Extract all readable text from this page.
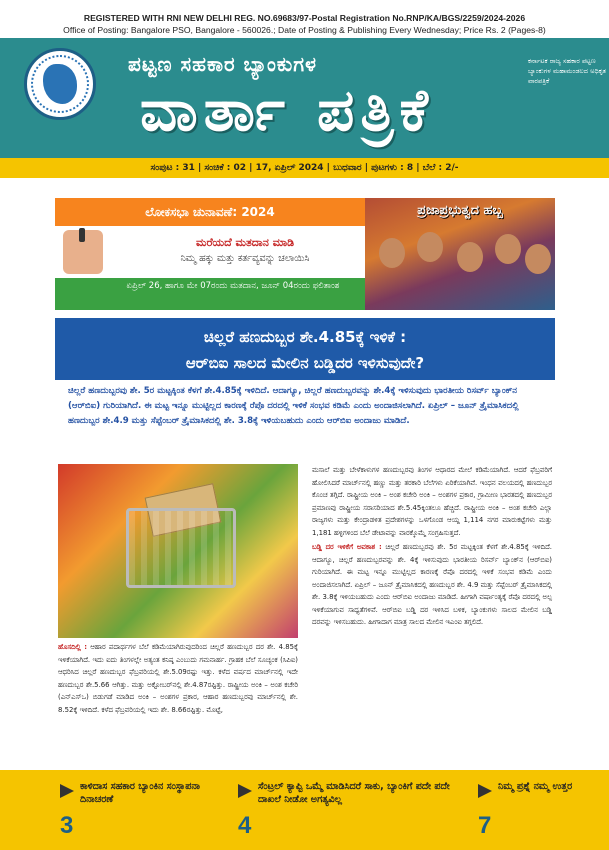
REGISTERED WITH RNI NEW DELHI REG. NO.69683/97-Postal Registration No.RNP/KA/BGS/2259/2024-2026
Office of Posting: Bangalore PSO, Bangalore - 560026.; Date of Posting & Publishing Every Wednesday; Price Rs. 2 (Pages-8)
ಪಟ್ಟಣ ಸಹಕಾರ ಬ್ಯಾಂಕುಗಳ
ವಾರ್ತಾ ಪತ್ರಿಕೆ
ಕರ್ನಾಟಕ ರಾಜ್ಯ ಸಹಕಾರ ಪಟ್ಟಣ ಬ್ಯಾಂಕುಗಳ ಮಹಾಮಂಡಲದ ಅಧಿಕೃತ ವಾರಪತ್ರಿಕೆ
ಸಂಪುಟ : 31 | ಸಂಚಿಕೆ : 02 | 17, ಏಪ್ರಿಲ್ 2024 | ಬುಧವಾರ | ಪುಟಗಳು : 8 | ಬೆಲೆ : 2/-
ಲೋಕಸಭಾ ಚುನಾವಣೆ: 2024
ಮರೆಯದೆ ಮತದಾನ ಮಾಡಿ
ನಿಮ್ಮ ಹಕ್ಕು ಮತ್ತು ಕರ್ತವ್ಯವನ್ನು ಚಲಾಯಿಸಿ
ಏಪ್ರಿಲ್ 26, ಹಾಗೂ ಮೇ 07ರಂದು ಮತದಾನ, ಜೂನ್ 04ರಂದು ಫಲಿತಾಂಶ
ಪ್ರಜಾಪ್ರಭುತ್ವದ ಹಬ್ಬ
ಚಿಲ್ಲರೆ ಹಣದುಬ್ಬರ ಶೇ.4.85ಕ್ಕೆ ಇಳಿಕೆ :
ಆರ್‌ಬಿಐ ಸಾಲದ ಮೇಲಿನ ಬಡ್ಡಿದರ ಇಳಿಸುವುದೇ?
ಚಿಲ್ಲರೆ ಹಣದುಬ್ಬರವು ಶೇ. 5ರ ಮಟ್ಟಕ್ಕಿಂತ ಕೆಳಗೆ ಶೇ.4.85ಕ್ಕೆ ಇಳಿದಿದೆ. ಆದಾಗ್ಯೂ, ಚಿಲ್ಲರೆ ಹಣದುಬ್ಬರವನ್ನು ಶೇ.4ಕ್ಕೆ ಇಳಿಸುವುದು ಭಾರತೀಯ ರಿಸರ್ವ್ ಬ್ಯಾಂಕ್‌ನ (ಆರ್‌ಬಿಐ) ಗುರಿಯಾಗಿದೆ. ಈ ಮಟ್ಟ ಇನ್ನೂ ಮುಟ್ಟಿಲ್ಲದ ಕಾರಣಕ್ಕೆ ರೆಪೊ ದರದಲ್ಲಿ ಇಳಿಕೆ ಸಂಭವ ಕಡಿಮೆ ಎಂದು ಅಂದಾಜಿಸಲಾಗಿದೆ. ಏಪ್ರಿಲ್ – ಜೂನ್ ತ್ರೈಮಾಸಿಕದಲ್ಲಿ ಹಣದುಬ್ಬರ ಶೇ.4.9 ಮತ್ತು ಸೆಪ್ಟೆಂಬರ್ ತ್ರೈಮಾಸಿಕದಲ್ಲಿ ಶೇ. 3.8ಕ್ಕೆ ಇಳಿಯಬಹುದು ಎಂದು ಆರ್‌ಬಿಐ ಅಂದಾಜು ಮಾಡಿದೆ.
ಹೊಸದಿಲ್ಲಿ : ಆಹಾರ ಪದಾರ್ಥಗಳ ಬೆಲೆ ಕಡಿಮೆಯಾಗಿರುವುದರಿಂದ ಚಿಲ್ಲರೆ ಹಣದುಬ್ಬರ ದರ ಶೇ. 4.85ಕ್ಕೆ ಇಳಿಕೆಯಾಗಿದೆ. ಇದು ಐದು ತಿಂಗಳಲ್ಲೇ ಅತ್ಯಂತ ಕನಿಷ್ಠ ಎಂಬುದು ಗಮನಾರ್ಹ. ಗ್ರಾಹಕ ಬೆಲೆ ಸೂಚ್ಯಂಕ (ಸಿಪಿಐ) ಆಧರಿಸಿದ ಚಿಲ್ಲರೆ ಹಣದುಬ್ಬರ ಫೆಬ್ರವರಿಯಲ್ಲಿ ಶೇ.5.09ರಷ್ಟು ಇತ್ತು. ಕಳೆದ ವರ್ಷದ ಮಾರ್ಚ್‌ನಲ್ಲಿ ಇದೇ ಹಣದುಬ್ಬರ ಶೇ.5.66 ಆಗಿತ್ತು. ಮತ್ತು ಅಕ್ಟೋಬರ್‌ನಲ್ಲಿ ಶೇ.4.87ರಷ್ಟಿತ್ತು. ರಾಷ್ಟ್ರೀಯ ಅಂಕಿ – ಅಂಶ ಕಚೇರಿ (ಎನ್‌ಎಸ್‌ಒ) ಬಿಡುಗಡೆ ಮಾಡಿದ ಅಂಕಿ – ಅಂಶಗಳ ಪ್ರಕಾರ, ಆಹಾರ ಹಣದುಬ್ಬರವು ಮಾರ್ಚ್‌ನಲ್ಲಿ ಶೇ. 8.52ಕ್ಕೆ ಇಳಿದಿದೆ. ಕಳೆದ ಫೆಬ್ರವರಿಯಲ್ಲಿ ಇದು ಶೇ. 8.66ರಷ್ಟಿತ್ತು. ಮೊಟ್ಟೆ,

ಮಸಾಲೆ ಮತ್ತು ಬೇಳೆಕಾಳುಗಳ ಹಣದುಬ್ಬರವು ತಿಂಗಳ ಆಧಾರದ ಮೇಲೆ ಕಡಿಮೆಯಾಗಿದೆ. ಆದರೆ ಫೆಬ್ರವರಿಗೆ ಹೋಲಿಸಿದರೆ ಮಾರ್ಚ್‌ನಲ್ಲಿ ಹಣ್ಣು ಮತ್ತು ತರಕಾರಿ ಬೆಲೆಗಳು ಏರಿಕೆಯಾಗಿವೆ. ಇಂಧನ ವಲಯದಲ್ಲಿ ಹಣದುಬ್ಬರ ಕೊಂಚ ತಗ್ಗಿದೆ. ರಾಷ್ಟ್ರೀಯ ಅಂಕಿ – ಅಂಶ ಕಚೇರಿ ಅಂಕಿ – ಅಂಶಗಳ ಪ್ರಕಾರ, ಗ್ರಾಮೀಣ ಭಾರತದಲ್ಲಿ ಹಣದುಬ್ಬರ ಪ್ರಮಾಣವು ರಾಷ್ಟ್ರೀಯ ಸರಾಸರಿಯಾದ ಶೇ.5.45ಕ್ಕಿಂತಲೂ ಹೆಚ್ಚಿದೆ. ರಾಷ್ಟ್ರೀಯ ಅಂಕಿ – ಅಂಶ ಕಚೇರಿ ಎಲ್ಲಾ ರಾಜ್ಯಗಳು ಮತ್ತು ಕೇಂದ್ರಾಡಳಿತ ಪ್ರದೇಶಗಳನ್ನು ಒಳಗೊಂಡ ಆಯ್ದ 1,114 ನಗರ ಮಾರುಕಟ್ಟೆಗಳು ಮತ್ತು 1,181 ಹಳ್ಳಿಗಳಿಂದ ಬೆಲೆ ಡೇಟಾವನ್ನು ವಾರಕ್ಕೊಮ್ಮೆ ಸಂಗ್ರಹಿಸುತ್ತದೆ.

ಬಡ್ಡಿ ದರ ಇಳಿಕೆಗೆ ಅವಕಾಶ : ಚಿಲ್ಲರೆ ಹಣದುಬ್ಬರವು ಶೇ. 5ರ ಮಟ್ಟಕ್ಕಿಂತ ಕೆಳಗೆ ಶೇ.4.85ಕ್ಕೆ ಇಳಿದಿದೆ. ಆದಾಗ್ಯೂ, ಚಿಲ್ಲರೆ ಹಣದುಬ್ಬರವನ್ನು ಶೇ. 4ಕ್ಕೆ ಇಳಿಸುವುದು ಭಾರತೀಯ ರಿಸರ್ವ್ ಬ್ಯಾಂಕ್‌ನ (ಆರ್‌ಬಿಐ) ಗುರಿಯಾಗಿದೆ. ಈ ಮಟ್ಟ ಇನ್ನೂ ಮುಟ್ಟಿಲ್ಲದ ಕಾರಣಕ್ಕೆ ರೆಪೊ ದರದಲ್ಲಿ ಇಳಿಕೆ ಸಂಭವ ಕಡಿಮೆ ಎಂದು ಅಂದಾಜಿಸಲಾಗಿದೆ. ಏಪ್ರಿಲ್ – ಜೂನ್ ತ್ರೈಮಾಸಿಕದಲ್ಲಿ ಹಣದುಬ್ಬರ ಶೇ. 4.9 ಮತ್ತು ಸೆಪ್ಟೆಂಬರ್ ತ್ರೈಮಾಸಿಕದಲ್ಲಿ ಶೇ. 3.8ಕ್ಕೆ ಇಳಿಯಬಹುದು ಎಂದು ಆರ್‌ಬಿಐ ಅಂದಾಜು ಮಾಡಿದೆ. ಹೀಗಾಗಿ ವರ್ಷಾಂತ್ಯಕ್ಕೆ ರೆಪೊ ದರದಲ್ಲಿ ಅಲ್ಪ ಇಳಿಕೆಯಾಗುವ ಸಾಧ್ಯತೆಗಳಿವೆ. ಆರ್‌ಬಿಐ ಬಡ್ಡಿ ದರ ಇಳಿಸಿದ ಬಳಿಕ, ಬ್ಯಾಂಕುಗಳು ಸಾಲದ ಮೇಲಿನ ಬಡ್ಡಿ ದರವನ್ನು ಇಳಿಸಬಹುದು. ಹೀಗಾದಾಗ ಮಾತ್ರ ಸಾಲದ ಮೇಲಿನ ಇಎಂಐ ತಗ್ಗಲಿದೆ.

ಕಾಳಿದಾಸ ಸಹಕಾರ ಬ್ಯಾಂಕಿನ ಸಂಸ್ಥಾಪನಾ ದಿನಾಚರಣೆ
3
ಸೆಂಟ್ರಲ್ ಕ್ಯಾಪ್ಟಿ ಒಮ್ಮೆ ಮಾಡಿಸಿದರೆ ಸಾಕು, ಬ್ಯಾಂಕಿಗೆ ಪದೇ ಪದೇ ದಾಖಲೆ ನೀಡೋ ಅಗತ್ಯವಿಲ್ಲ
4
ನಿಮ್ಮ ಪ್ರಶ್ನೆ ನಮ್ಮ ಉತ್ತರ
7
